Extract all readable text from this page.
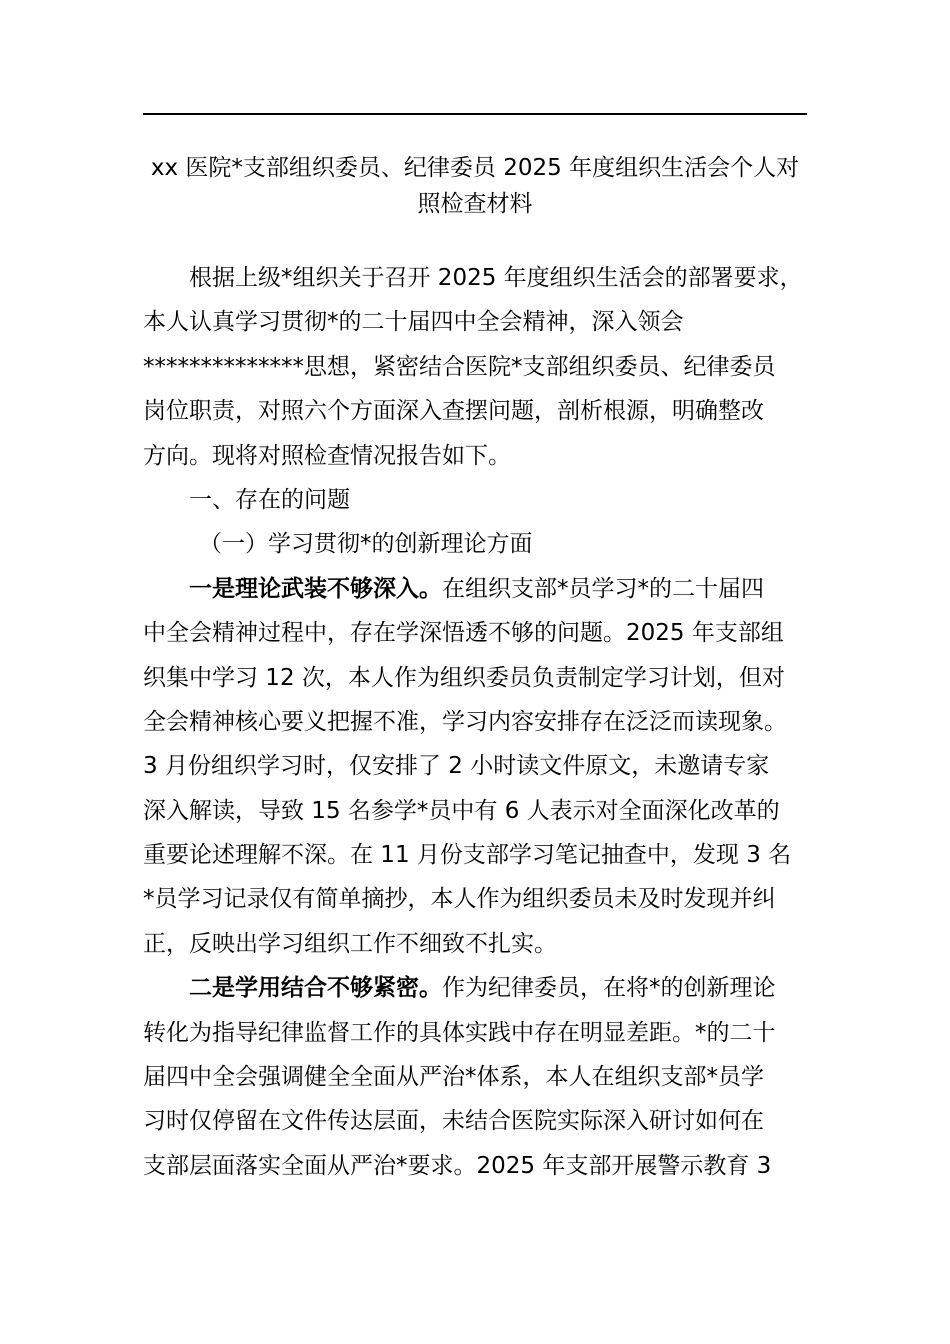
xx 医院*支部组织委员、纪律委员 2025 年度组织生活会个人对
照检查材料
根据上级*组织关于召开 2025 年度组织生活会的部署要求，
本人认真学习贯彻*的二十届四中全会精神，深入领会
**************思想，紧密结合医院*支部组织委员、纪律委员
岗位职责，对照六个方面深入查摆问题，剖析根源，明确整改
方向。现将对照检查情况报告如下。
一、存在的问题
（一）学习贯彻*的创新理论方面
一是理论武装不够深入。在组织支部*员学习*的二十届四
中全会精神过程中，存在学深悟透不够的问题。2025 年支部组
织集中学习 12 次，本人作为组织委员负责制定学习计划，但对
全会精神核心要义把握不准，学习内容安排存在泛泛而读现象。
3 月份组织学习时，仅安排了 2 小时读文件原文，未邀请专家
深入解读，导致 15 名参学*员中有 6 人表示对全面深化改革的
重要论述理解不深。在 11 月份支部学习笔记抽查中，发现 3 名
*员学习记录仅有简单摘抄，本人作为组织委员未及时发现并纠
正，反映出学习组织工作不细致不扎实。
二是学用结合不够紧密。作为纪律委员，在将*的创新理论
转化为指导纪律监督工作的具体实践中存在明显差距。*的二十
届四中全会强调健全全面从严治*体系，本人在组织支部*员学
习时仅停留在文件传达层面，未结合医院实际深入研讨如何在
支部层面落实全面从严治*要求。2025 年支部开展警示教育 3
